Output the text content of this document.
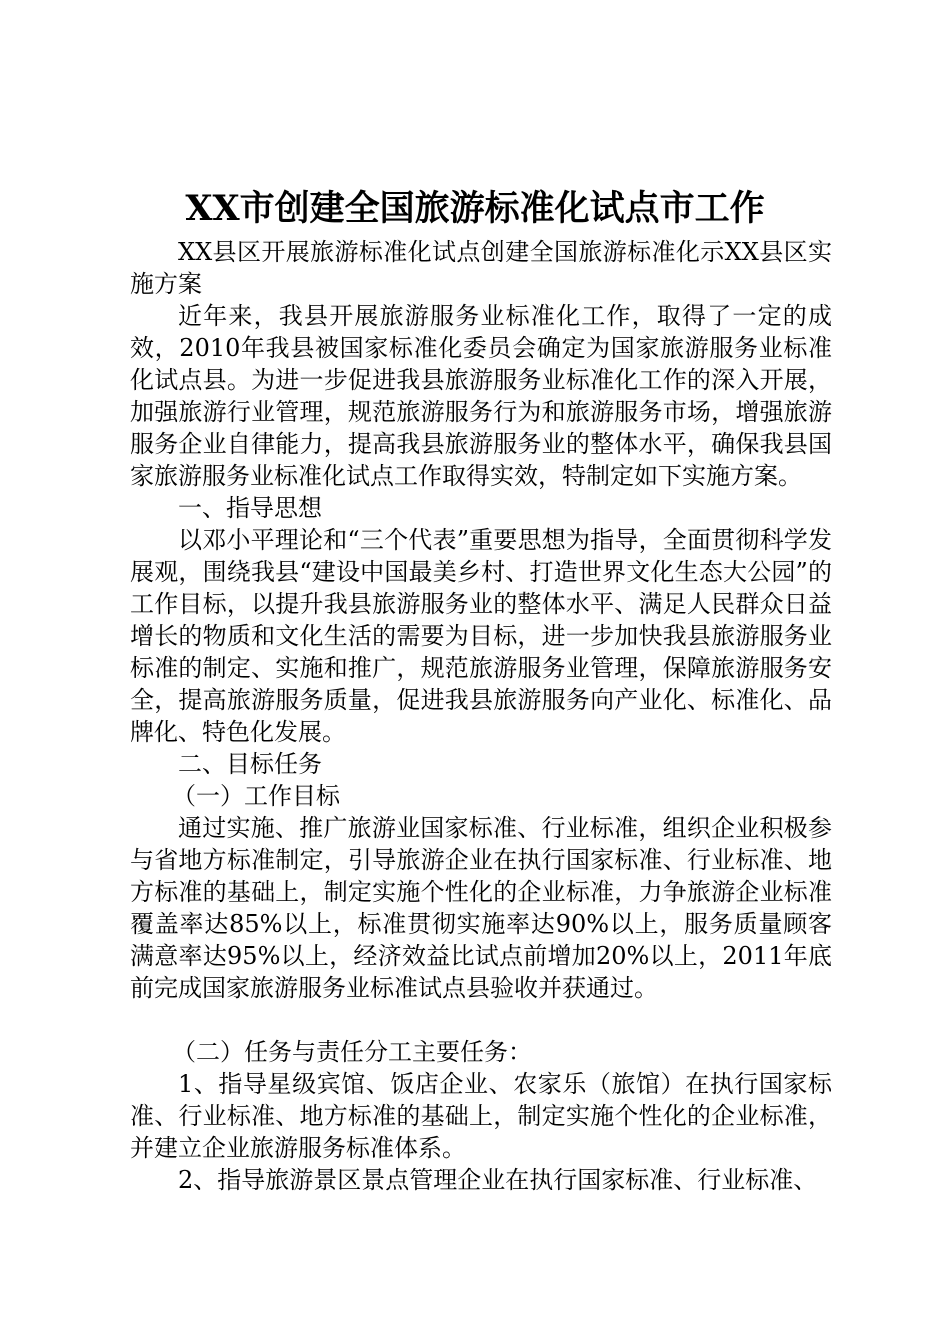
XX市创建全国旅游标准化试点市工作

XX县区开展旅游标准化试点创建全国旅游标准化示XX县区实施方案

近年来，我县开展旅游服务业标准化工作，取得了一定的成效，2010年我县被国家标准化委员会确定为国家旅游服务业标准化试点县。为进一步促进我县旅游服务业标准化工作的深入开展，加强旅游行业管理，规范旅游服务行为和旅游服务市场，增强旅游服务企业自律能力，提高我县旅游服务业的整体水平，确保我县国家旅游服务业标准化试点工作取得实效，特制定如下实施方案。

一、指导思想

以邓小平理论和“三个代表”重要思想为指导，全面贯彻科学发展观，围绕我县“建设中国最美乡村、打造世界文化生态大公园”的工作目标，以提升我县旅游服务业的整体水平、满足人民群众日益增长的物质和文化生活的需要为目标，进一步加快我县旅游服务业标准的制定、实施和推广，规范旅游服务业管理，保障旅游服务安全，提高旅游服务质量，促进我县旅游服务向产业化、标准化、品牌化、特色化发展。

二、目标任务

（一）工作目标

通过实施、推广旅游业国家标准、行业标准，组织企业积极参与省地方标准制定，引导旅游企业在执行国家标准、行业标准、地方标准的基础上，制定实施个性化的企业标准，力争旅游企业标准覆盖率达85%以上，标准贯彻实施率达90%以上，服务质量顾客满意率达95%以上，经济效益比试点前增加20%以上，2011年底前完成国家旅游服务业标准试点县验收并获通过。

（二）任务与责任分工主要任务：

1、指导星级宾馆、饭店企业、农家乐（旅馆）在执行国家标准、行业标准、地方标准的基础上，制定实施个性化的企业标准，并建立企业旅游服务标准体系。

2、指导旅游景区景点管理企业在执行国家标准、行业标准、
